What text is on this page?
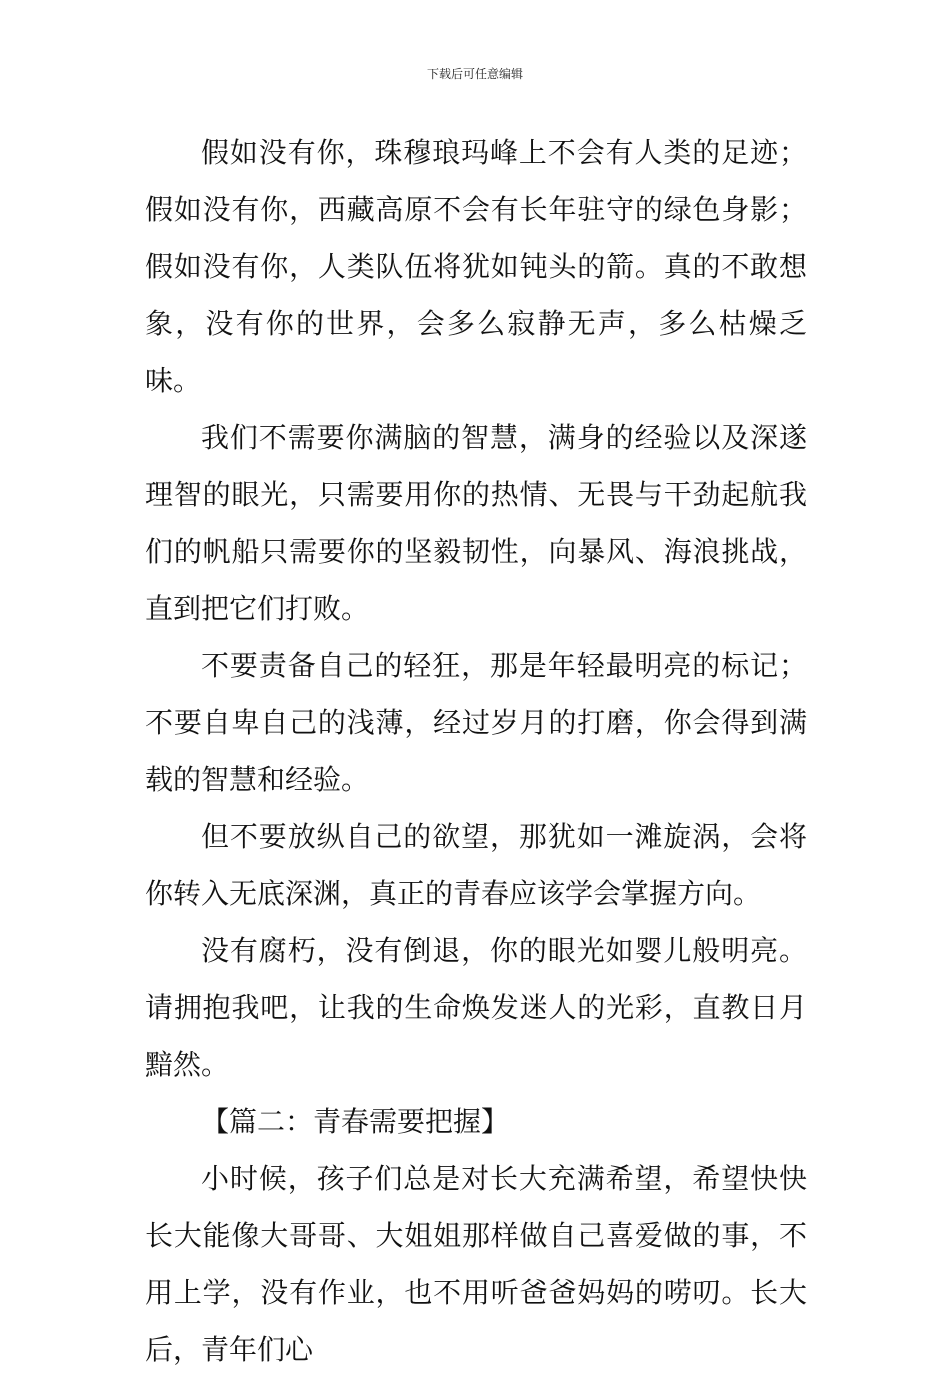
下载后可任意编辑

假如没有你，珠穆琅玛峰上不会有人类的足迹；假如没有你，西藏高原不会有长年驻守的绿色身影；假如没有你，人类队伍将犹如钝头的箭。真的不敢想象，没有你的世界，会多么寂静无声，多么枯燥乏味。

我们不需要你满脑的智慧，满身的经验以及深遂理智的眼光，只需要用你的热情、无畏与干劲起航我们的帆船只需要你的坚毅韧性，向暴风、海浪挑战，直到把它们打败。

不要责备自己的轻狂，那是年轻最明亮的标记；不要自卑自己的浅薄，经过岁月的打磨，你会得到满载的智慧和经验。

但不要放纵自己的欲望，那犹如一滩旋涡，会将你转入无底深渊，真正的青春应该学会掌握方向。

没有腐朽，没有倒退，你的眼光如婴儿般明亮。请拥抱我吧，让我的生命焕发迷人的光彩，直教日月黯然。

【篇二：青春需要把握】

小时候，孩子们总是对长大充满希望，希望快快长大能像大哥哥、大姐姐那样做自己喜爱做的事，不用上学，没有作业，也不用听爸爸妈妈的唠叨。长大后，青年们心
